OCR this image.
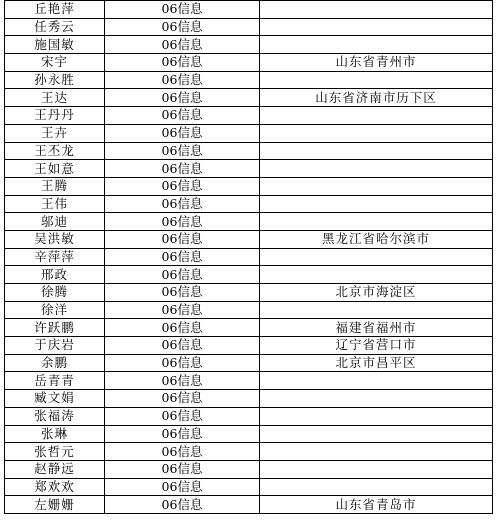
丘艳萍	06信息	
任秀云	06信息	
施国敏	06信息	
宋宇	06信息	山东省青州市
孙永胜	06信息	
王达	06信息	山东省济南市历下区
王丹丹	06信息	
王卉	06信息	
王丕龙	06信息	
王如意	06信息	
王腾	06信息	
王伟	06信息	
邬迪	06信息	
吴洪敏	06信息	黑龙江省哈尔滨市
辛萍萍	06信息	
邢政	06信息	
徐腾	06信息	北京市海淀区
徐洋	06信息	
许跃鹏	06信息	福建省福州市
于庆岩	06信息	辽宁省营口市
余鹏	06信息	北京市昌平区
岳青青	06信息	
臧文娟	06信息	
张福涛	06信息	
张琳	06信息	
张哲元	06信息	
赵静远	06信息	
郑欢欢	06信息	
左姗姗	06信息	山东省青岛市
